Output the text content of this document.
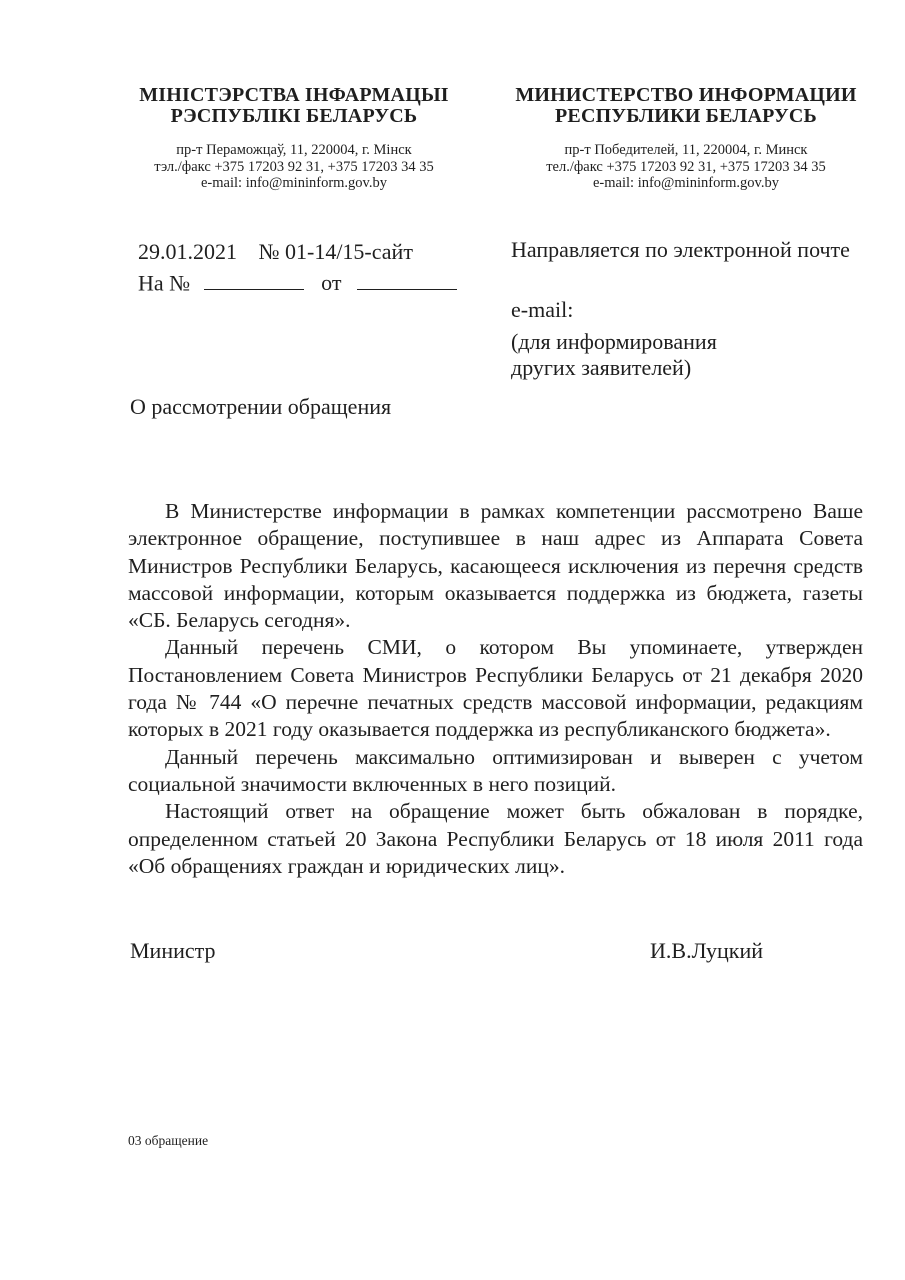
МІНІСТЭРСТВА ІНФАРМАЦЫІ
РЭСПУБЛІКІ БЕЛАРУСЬ
пр-т Пераможцаў, 11, 220004, г. Мінск
тэл./факс +375 17203 92 31, +375 17203 34 35
e-mail: info@mininform.gov.by
МИНИСТЕРСТВО ИНФОРМАЦИИ
РЕСПУБЛИКИ БЕЛАРУСЬ
пр-т Победителей, 11, 220004, г. Минск
тел./факс +375 17203 92 31, +375 17203 34 35
e-mail: info@mininform.gov.by
29.01.2021 № 01-14/15-сайт
На №	от
Направляется по электронной почте
e-mail:
(для информирования
других заявителей)
О рассмотрении обращения

В Министерстве информации в рамках компетенции рассмотрено Ваше электронное обращение, поступившее в наш адрес из Аппарата Совета Министров Республики Беларусь, касающееся исключения из перечня средств массовой информации, которым оказывается поддержка из бюджета, газеты «СБ. Беларусь сегодня».

Данный перечень СМИ, о котором Вы упоминаете, утвержден Постановлением Совета Министров Республики Беларусь от 21 декабря 2020 года № 744 «О перечне печатных средств массовой информации, редакциям которых в 2021 году оказывается поддержка из республиканского бюджета».

Данный перечень максимально оптимизирован и выверен с учетом социальной значимости включенных в него позиций.

Настоящий ответ на обращение может быть обжалован в порядке, определенном статьей 20 Закона Республики Беларусь от 18 июля 2011 года «Об обращениях граждан и юридических лиц».

Министр	И.В.Луцкий
03 обращение
